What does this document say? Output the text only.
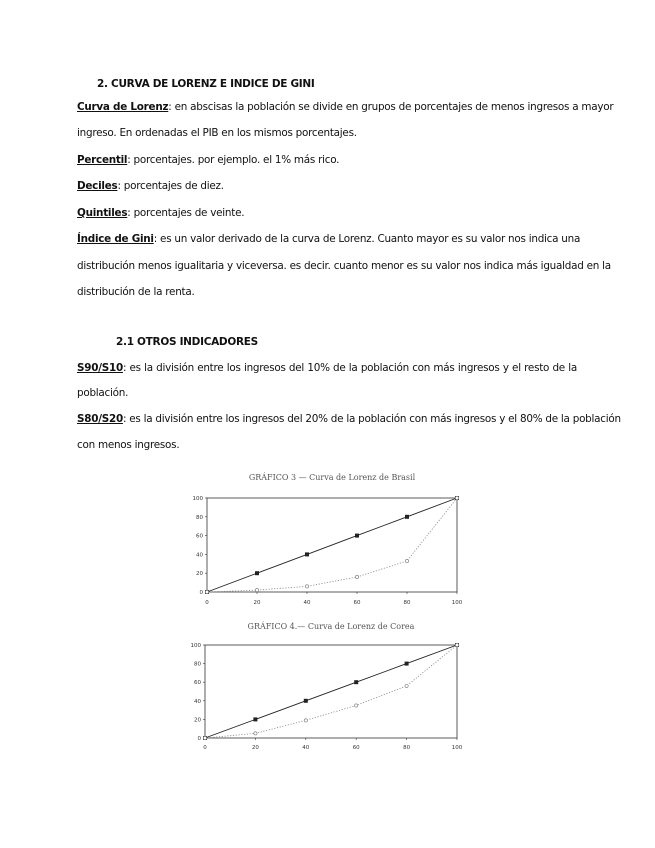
2. CURVA DE LORENZ E INDICE DE GINI
Curva de Lorenz: en abscisas la población se divide en grupos de porcentajes de menos ingresos a mayor
ingreso. En ordenadas el PIB en los mismos porcentajes.
Percentil: porcentajes. por ejemplo. el 1% más rico.
Deciles: porcentajes de diez.
Quintiles: porcentajes de veinte.
Índice de Gini: es un valor derivado de la curva de Lorenz. Cuanto mayor es su valor nos indica una
distribución menos igualitaria y viceversa. es decir. cuanto menor es su valor nos indica más igualdad en la
distribución de la renta.
2.1 OTROS INDICADORES
S90/S10: es la división entre los ingresos del 10% de la población con más ingresos y el resto de la
población.
S80/S20: es la división entre los ingresos del 20% de la población con más ingresos y el 80% de la población
con menos ingresos.
GRÁFICO 3 — Curva de Lorenz de Brasil
0
20
40
60
80
100
0	20	40	60	80	100
GRÁFICO 4.— Curva de Lorenz de Corea
0
20
40
60
80
100
0	20	40	60	80	100
